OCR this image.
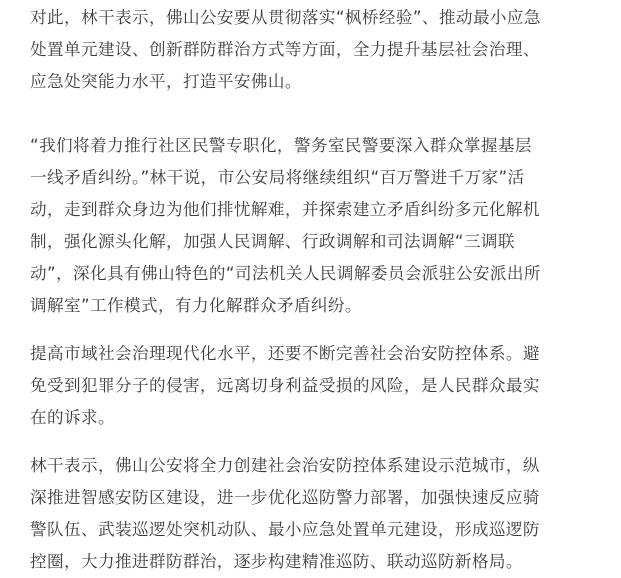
对此，林干表示，佛山公安要从贯彻落实“枫桥经验”、推动最小应急
处置单元建设、创新群防群治方式等方面，全力提升基层社会治理、
应急处突能力水平，打造平安佛山。
“我们将着力推行社区民警专职化，警务室民警要深入群众掌握基层
一线矛盾纠纷。”林干说，市公安局将继续组织“百万警进千万家”活
动，走到群众身边为他们排忧解难，并探索建立矛盾纠纷多元化解机
制，强化源头化解，加强人民调解、行政调解和司法调解“三调联
动”，深化具有佛山特色的“司法机关人民调解委员会派驻公安派出所
调解室”工作模式，有力化解群众矛盾纠纷。
提高市域社会治理现代化水平，还要不断完善社会治安防控体系。避
免受到犯罪分子的侵害，远离切身利益受损的风险，是人民群众最实
在的诉求。
林干表示，佛山公安将全力创建社会治安防控体系建设示范城市，纵
深推进智感安防区建设，进一步优化巡防警力部署，加强快速反应骑
警队伍、武装巡逻处突机动队、最小应急处置单元建设，形成巡逻防
控圈，大力推进群防群治，逐步构建精准巡防、联动巡防新格局。
